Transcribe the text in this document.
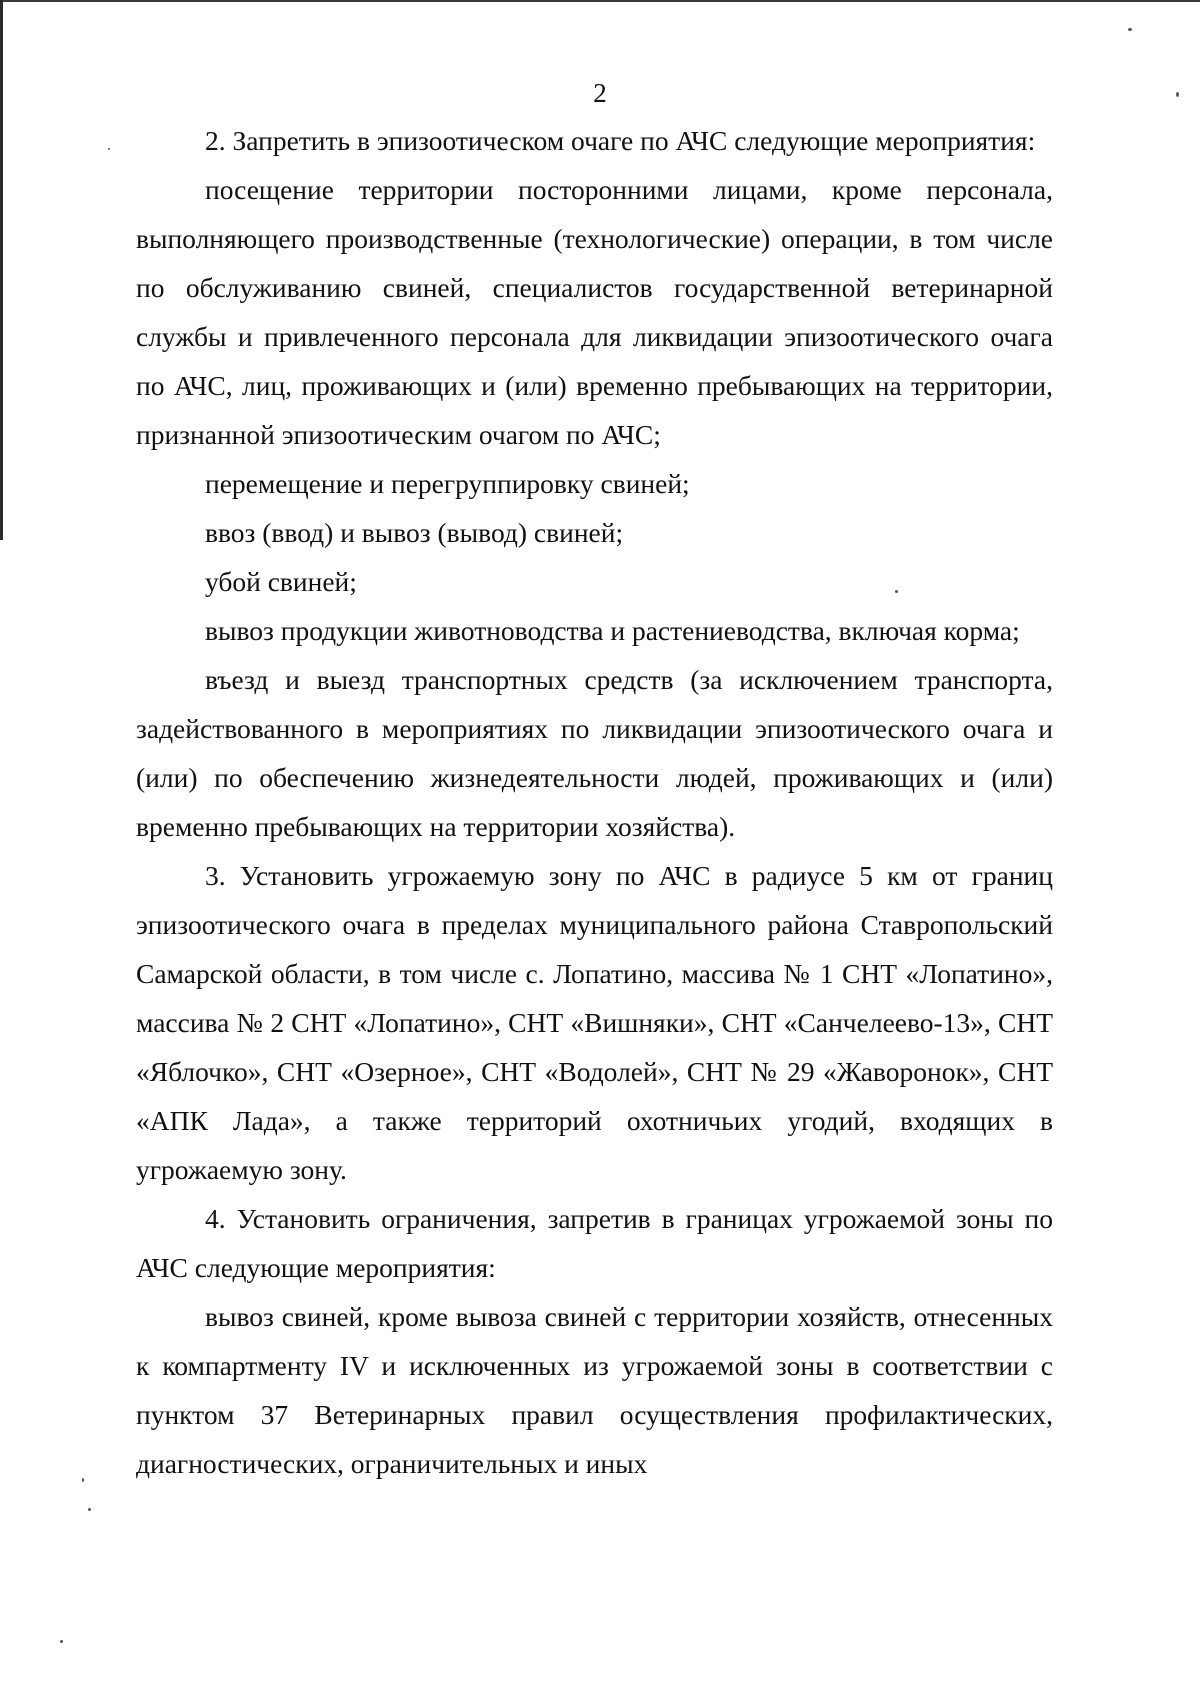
2

2. Запретить в эпизоотическом очаге по АЧС следующие мероприятия:

посещение территории посторонними лицами, кроме персонала, выполняющего производственные (технологические) операции, в том числе по обслуживанию свиней, специалистов государственной ветеринарной службы и привлеченного персонала для ликвидации эпизоотического очага по АЧС, лиц, проживающих и (или) временно пребывающих на территории, признанной эпизоотическим очагом по АЧС;

перемещение и перегруппировку свиней;

ввоз (ввод) и вывоз (вывод) свиней;

убой свиней;

вывоз продукции животноводства и растениеводства, включая корма;

въезд и выезд транспортных средств (за исключением транспорта, задействованного в мероприятиях по ликвидации эпизоотического очага и (или) по обеспечению жизнедеятельности людей, проживающих и (или) временно пребывающих на территории хозяйства).

3. Установить угрожаемую зону по АЧС в радиусе 5 км от границ эпизоотического очага в пределах муниципального района Ставропольский Самарской области, в том числе с. Лопатино, массива № 1 СНТ «Лопатино», массива № 2 СНТ «Лопатино», СНТ «Вишняки», СНТ «Санчелеево-13», СНТ «Яблочко», СНТ «Озерное», СНТ «Водолей», СНТ № 29 «Жаворонок», СНТ «АПК Лада», а также территорий охотничьих угодий, входящих в угрожаемую зону.

4. Установить ограничения, запретив в границах угрожаемой зоны по АЧС следующие мероприятия:

вывоз свиней, кроме вывоза свиней с территории хозяйств, отнесенных к компартменту IV и исключенных из угрожаемой зоны в соответствии с пунктом 37 Ветеринарных правил осуществления профилактических, диагностических, ограничительных и иных
